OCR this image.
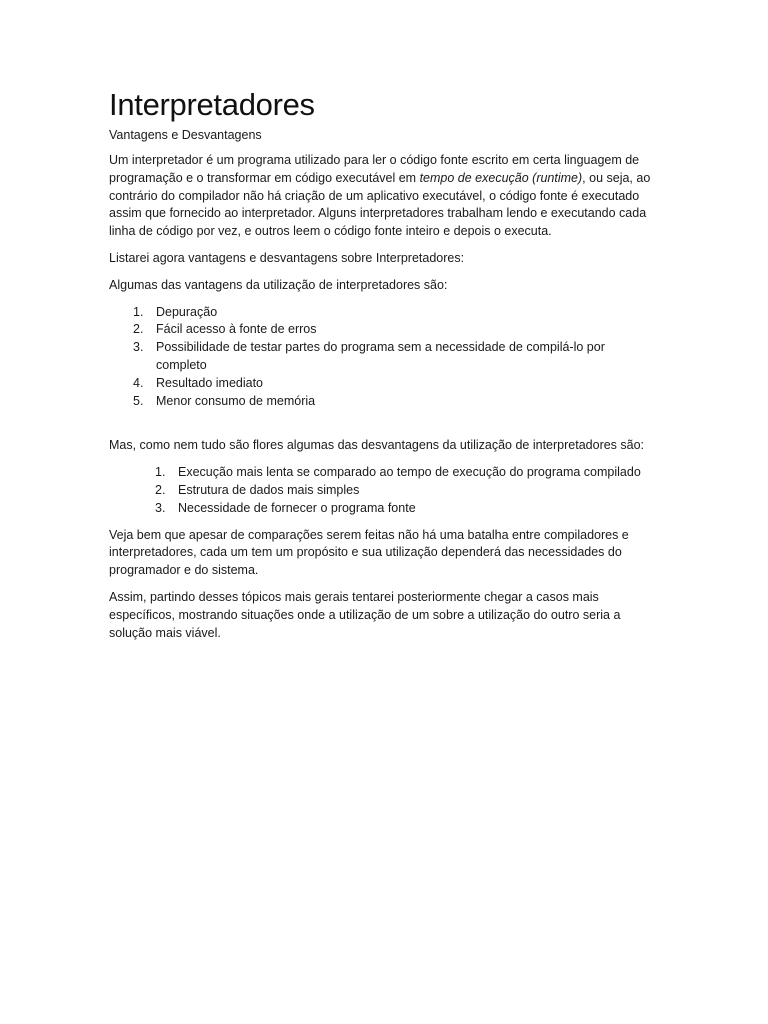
Interpretadores
Vantagens e Desvantagens

Um interpretador é um programa utilizado para ler o código fonte escrito em certa linguagem de programação e o transformar em código executável em tempo de execução (runtime), ou seja, ao contrário do compilador não há criação de um aplicativo executável, o código fonte é executado assim que fornecido ao interpretador. Alguns interpretadores trabalham lendo e executando cada linha de código por vez, e outros leem o código fonte inteiro e depois o executa.

Listarei agora vantagens e desvantagens sobre Interpretadores:

Algumas das vantagens da utilização de interpretadores são:

1. Depuração
2. Fácil acesso à fonte de erros
3. Possibilidade de testar partes do programa sem a necessidade de compilá-lo por completo
4. Resultado imediato
5. Menor consumo de memória

Mas, como nem tudo são flores algumas das desvantagens da utilização de interpretadores são:

1. Execução mais lenta se comparado ao tempo de execução do programa compilado
2. Estrutura de dados mais simples
3. Necessidade de fornecer o programa fonte

Veja bem que apesar de comparações serem feitas não há uma batalha entre compiladores e interpretadores, cada um tem um propósito e sua utilização dependerá das necessidades do programador e do sistema.

Assim, partindo desses tópicos mais gerais tentarei posteriormente chegar a casos mais específicos, mostrando situações onde a utilização de um sobre a utilização do outro seria a solução mais viável.
